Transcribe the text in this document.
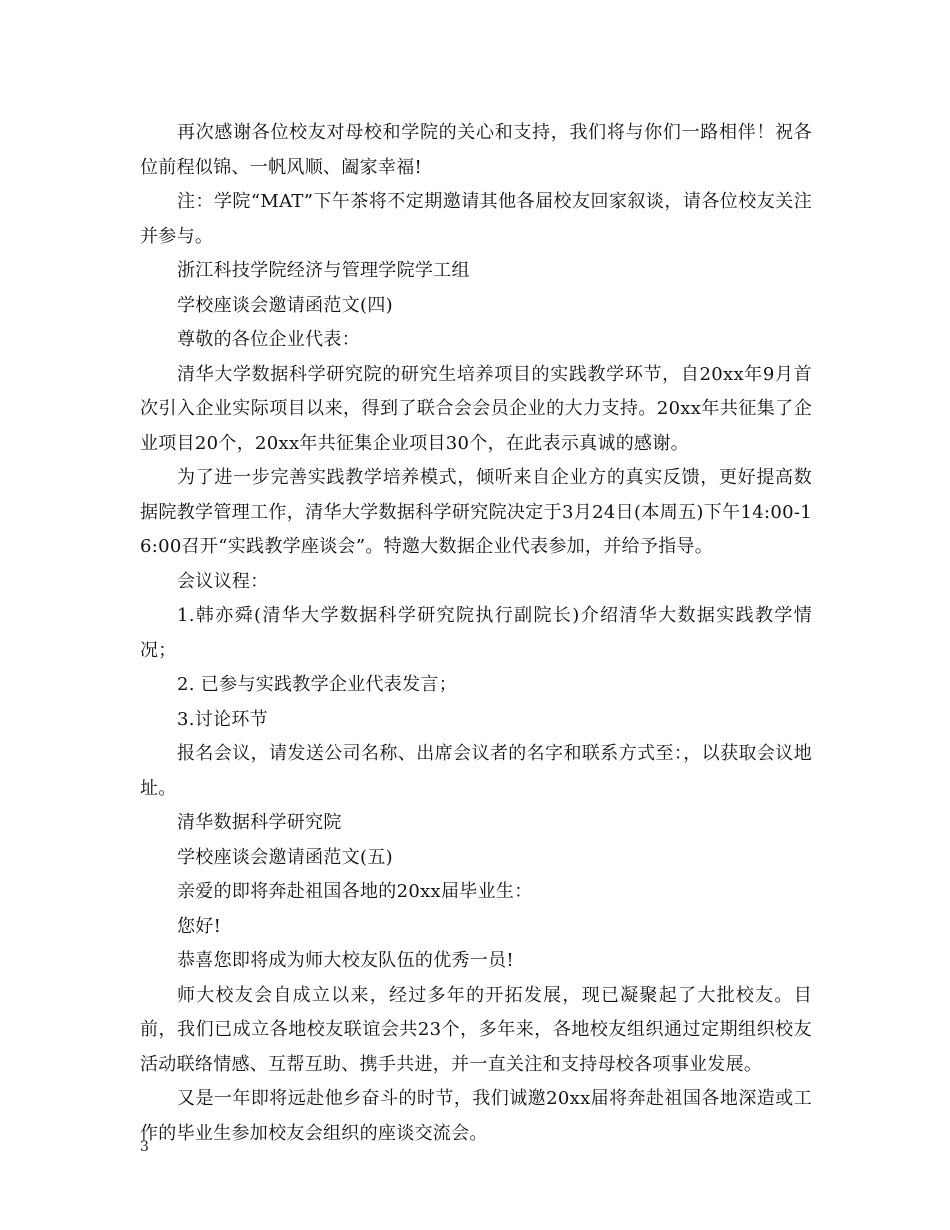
再次感谢各位校友对母校和学院的关心和支持，我们将与你们一路相伴！祝各位前程似锦、一帆风顺、阖家幸福!

注：学院“MAT”下午茶将不定期邀请其他各届校友回家叙谈，请各位校友关注并参与。

浙江科技学院经济与管理学院学工组

学校座谈会邀请函范文(四)

尊敬的各位企业代表：

清华大学数据科学研究院的研究生培养项目的实践教学环节，自20xx年9月首次引入企业实际项目以来，得到了联合会会员企业的大力支持。20xx年共征集了企业项目20个，20xx年共征集企业项目30个，在此表示真诚的感谢。

为了进一步完善实践教学培养模式，倾听来自企业方的真实反馈，更好提高数据院教学管理工作，清华大学数据科学研究院决定于3月24日(本周五)下午14:00-16:00召开“实践教学座谈会”。特邀大数据企业代表参加，并给予指导。

会议议程：

1.韩亦舜(清华大学数据科学研究院执行副院长)介绍清华大数据实践教学情况；

2. 已参与实践教学企业代表发言；

3.讨论环节

报名会议，请发送公司名称、出席会议者的名字和联系方式至：，以获取会议地址。

清华数据科学研究院

学校座谈会邀请函范文(五)

亲爱的即将奔赴祖国各地的20xx届毕业生：

您好!

恭喜您即将成为师大校友队伍的优秀一员!

师大校友会自成立以来，经过多年的开拓发展，现已凝聚起了大批校友。目前，我们已成立各地校友联谊会共23个，多年来，各地校友组织通过定期组织校友活动联络情感、互帮互助、携手共进，并一直关注和支持母校各项事业发展。

又是一年即将远赴他乡奋斗的时节，我们诚邀20xx届将奔赴祖国各地深造或工作的毕业生参加校友会组织的座谈交流会。

3
